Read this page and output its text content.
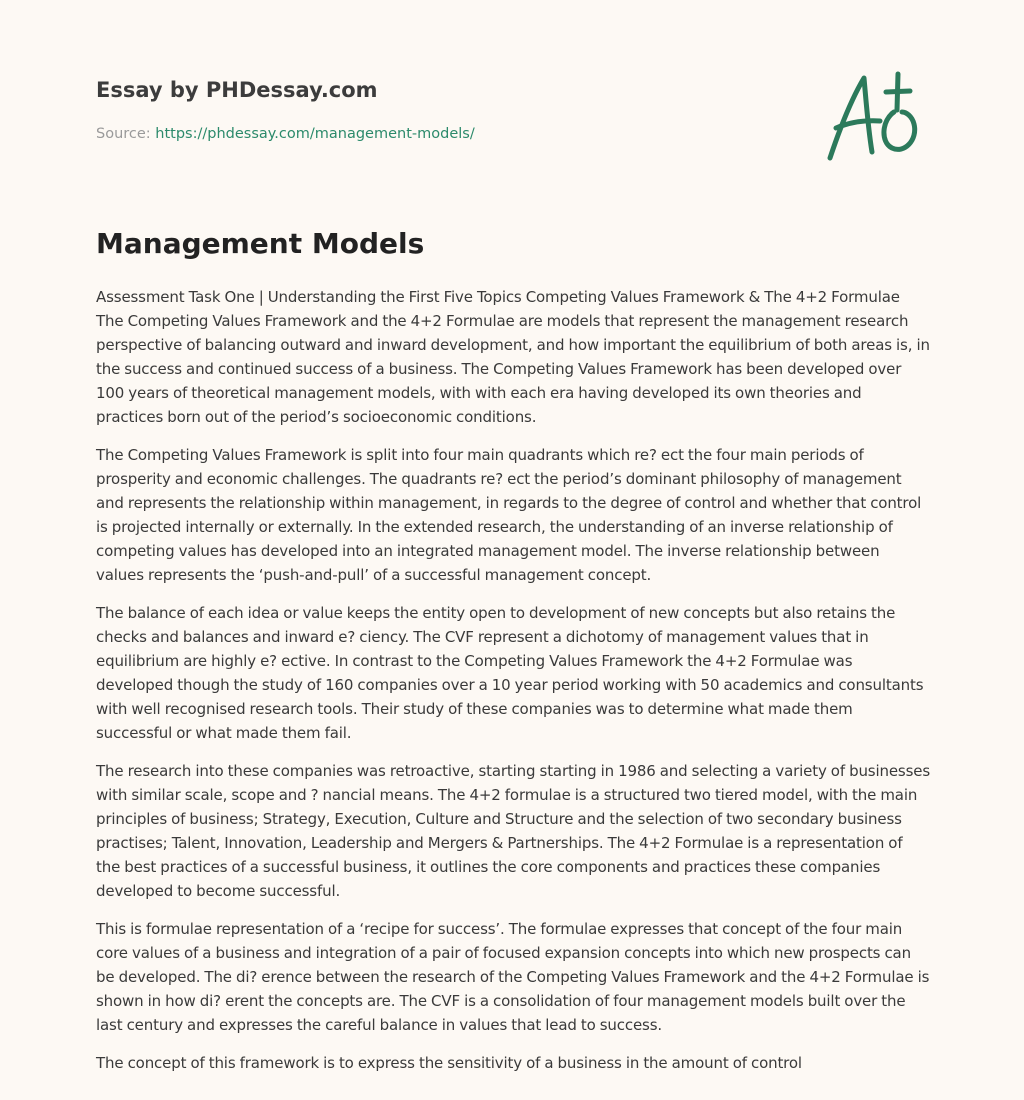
Essay by PHDessay.com
Source: https://phdessay.com/management-models/
Management Models

Assessment Task One | Understanding the First Five Topics Competing Values Framework & The 4+2 Formulae The Competing Values Framework and the 4+2 Formulae are models that represent the management research perspective of balancing outward and inward development, and how important the equilibrium of both areas is, in the success and continued success of a business. The Competing Values Framework has been developed over 100 years of theoretical management models, with with each era having developed its own theories and practices born out of the period’s socioeconomic conditions.

The Competing Values Framework is split into four main quadrants which re? ect the four main periods of prosperity and economic challenges. The quadrants re? ect the period’s dominant philosophy of management and represents the relationship within management, in regards to the degree of control and whether that control is projected internally or externally. In the extended research, the understanding of an inverse relationship of competing values has developed into an integrated management model. The inverse relationship between values represents the ‘push-and-pull’ of a successful management concept.

The balance of each idea or value keeps the entity open to development of new concepts but also retains the checks and balances and inward e? ciency. The CVF represent a dichotomy of management values that in equilibrium are highly e? ective. In contrast to the Competing Values Framework the 4+2 Formulae was developed though the study of 160 companies over a 10 year period working with 50 academics and consultants with well recognised research tools. Their study of these companies was to determine what made them successful or what made them fail.

The research into these companies was retroactive, starting starting in 1986 and selecting a variety of businesses with similar scale, scope and ? nancial means. The 4+2 formulae is a structured two tiered model, with the main principles of business; Strategy, Execution, Culture and Structure and the selection of two secondary business practises; Talent, Innovation, Leadership and Mergers & Partnerships. The 4+2 Formulae is a representation of the best practices of a successful business, it outlines the core components and practices these companies developed to become successful.

This is formulae representation of a ‘recipe for success’. The formulae expresses that concept of the four main core values of a business and integration of a pair of focused expansion concepts into which new prospects can be developed. The di? erence between the research of the Competing Values Framework and the 4+2 Formulae is shown in how di? erent the concepts are. The CVF is a consolidation of four management models built over the last century and expresses the careful balance in values that lead to success.

The concept of this framework is to express the sensitivity of a business in the amount of control
